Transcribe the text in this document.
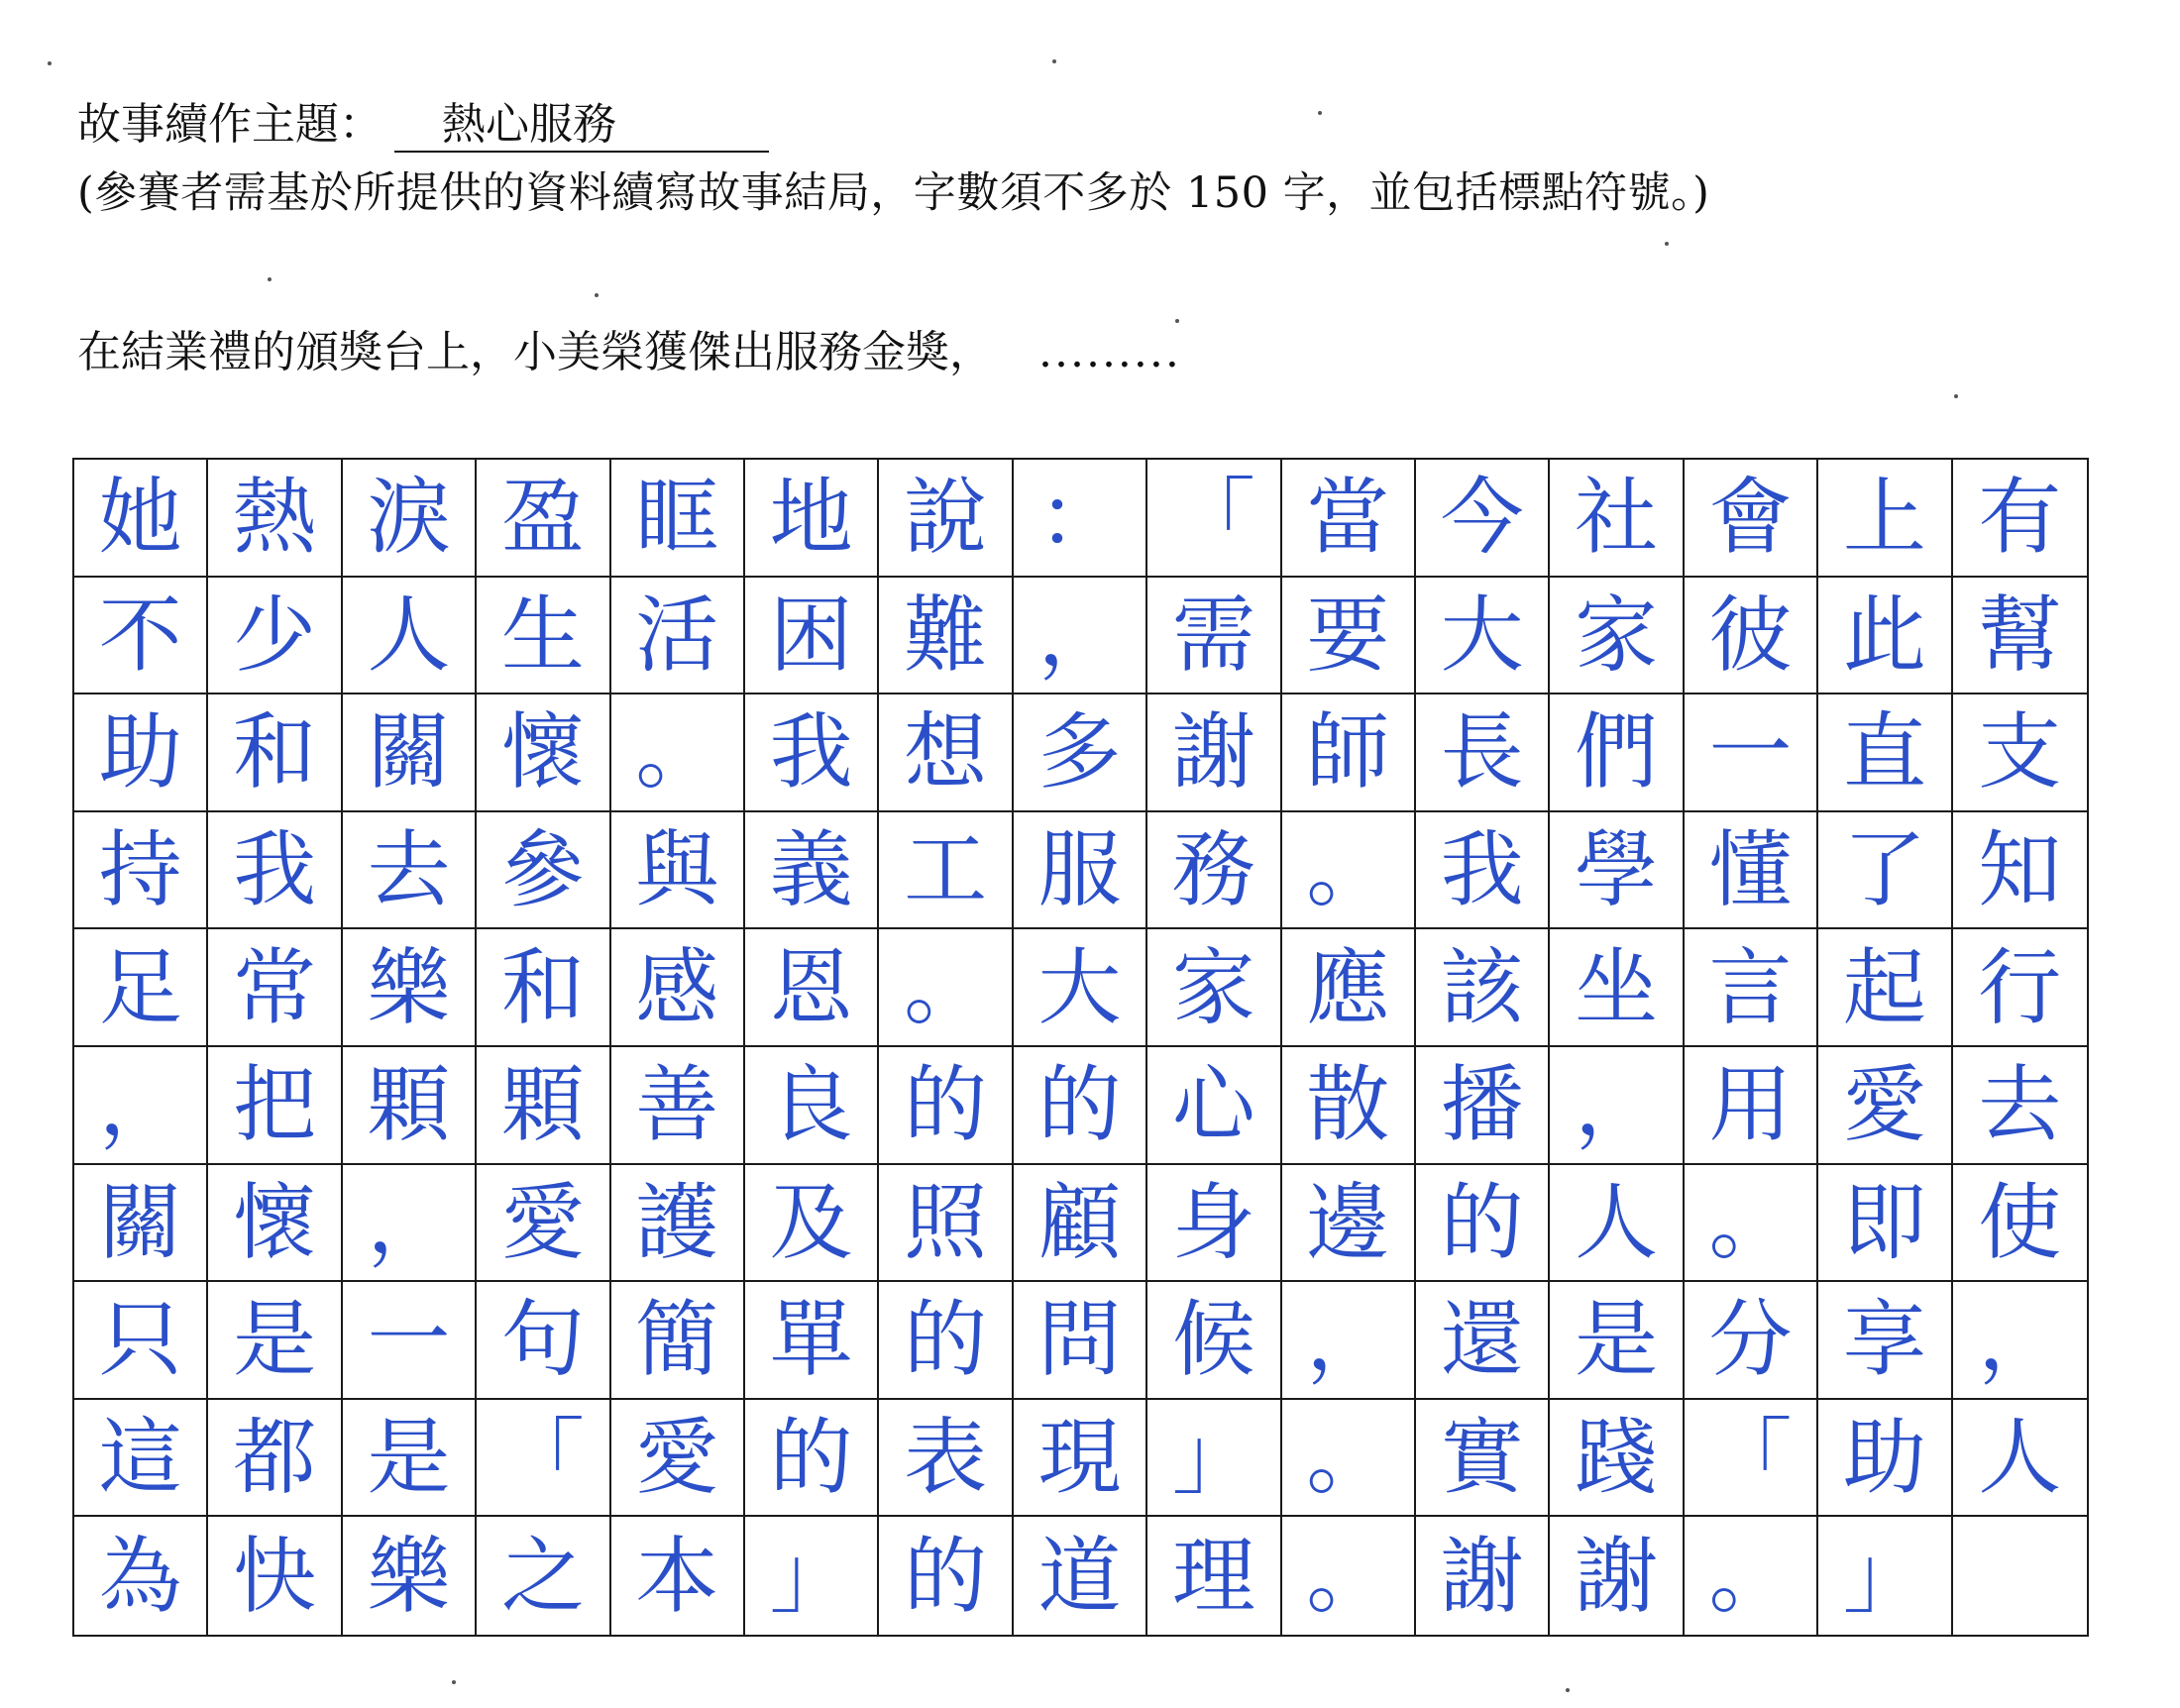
故事續作主題： 熱心服務
(參賽者需基於所提供的資料續寫故事結局，字數須不多於 150 字，並包括標點符號。)
在結業禮的頒獎台上，小美榮獲傑出服務金獎， .........
她 熱 淚 盈 眶 地 說 ： 「 當 今 社 會 上 有
不 少 人 生 活 困 難 ， 需 要 大 家 彼 此 幫
助 和 關 懷 。 我 想 多 謝 師 長 們 一 直 支
持 我 去 參 與 義 工 服 務 。 我 學 懂 了 知
足 常 樂 和 感 恩 。 大 家 應 該 坐 言 起 行
， 把 顆 顆 善 良 的 的 心 散 播 ， 用 愛 去
關 懷 ， 愛 護 及 照 顧 身 邊 的 人 。 即 使
只 是 一 句 簡 單 的 問 候 ， 還 是 分 享 ，
這 都 是 「 愛 的 表 現 」 。 實 踐 「 助 人
為 快 樂 之 本 」 的 道 理 。 謝 謝 。 」
